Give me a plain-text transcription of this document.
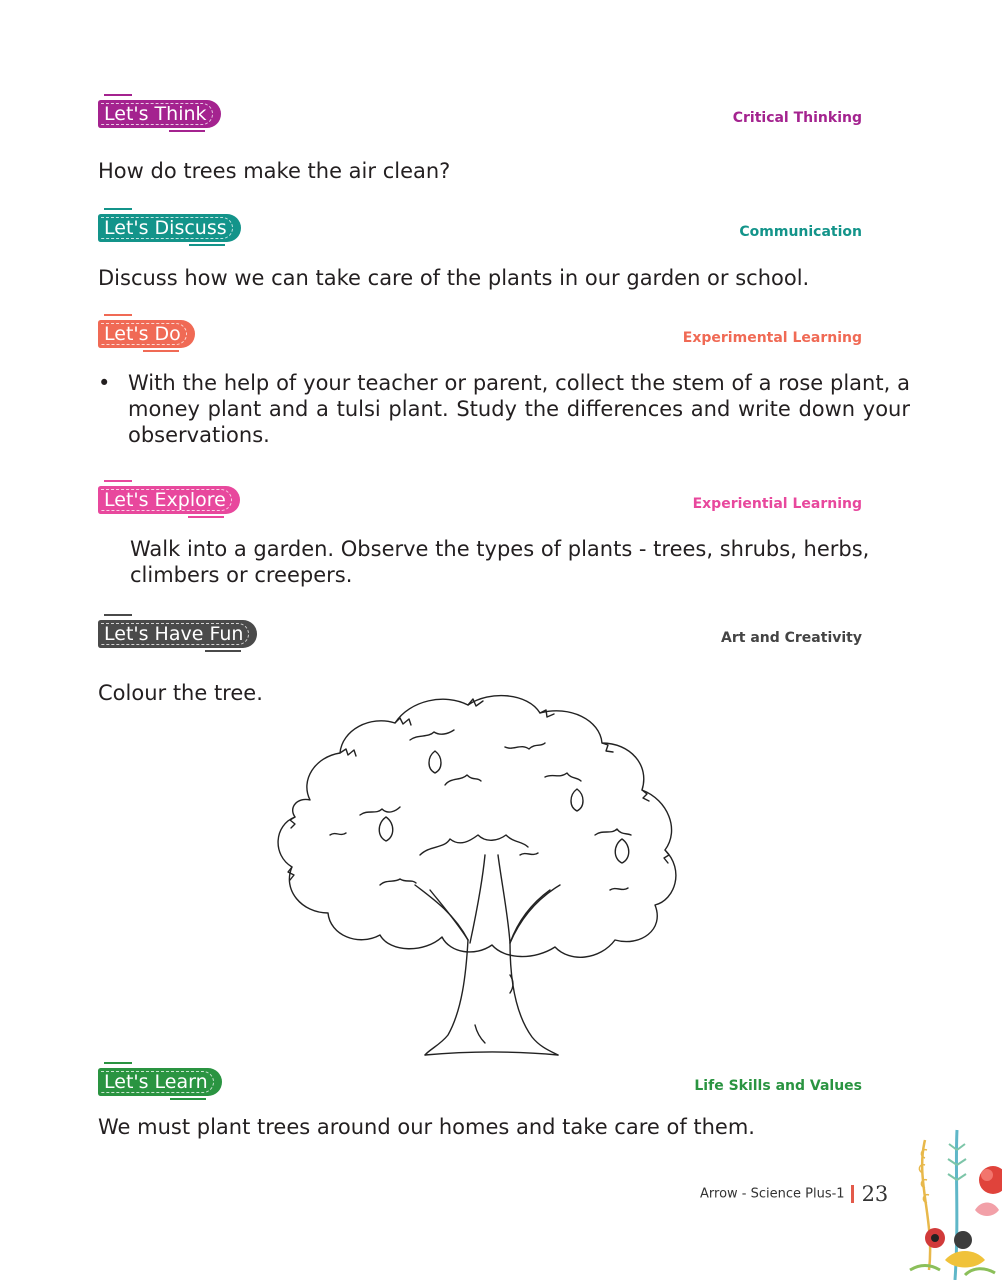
Let's Think	Critical Thinking
How do trees make the air clean?
Let's Discuss	Communication
Discuss how we can take care of the plants in our garden or school.
Let's Do	Experimental Learning
• With the help of your teacher or parent, collect the stem of a rose plant, a money plant and a tulsi plant. Study the differences and write down your observations.
Let's Explore	Experiential Learning
Walk into a garden. Observe the types of plants - trees, shrubs, herbs, climbers or creepers.
Let's Have Fun	Art and Creativity
Colour the tree.
Let's Learn	Life Skills and Values
We must plant trees around our homes and take care of them.
Arrow - Science Plus-1 23
